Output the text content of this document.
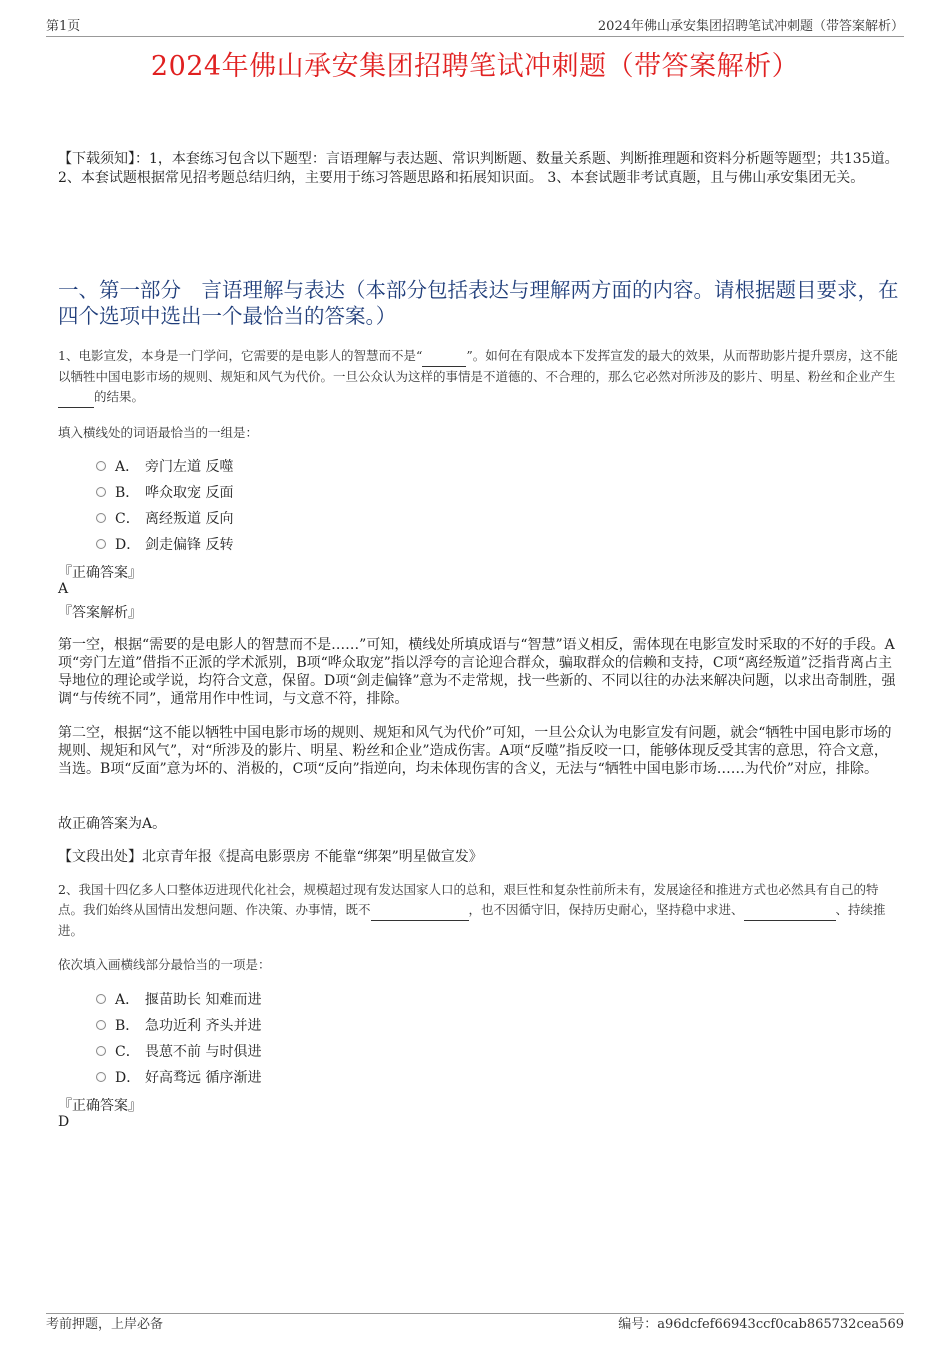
第1页	2024年佛山承安集团招聘笔试冲刺题（带答案解析）
2024年佛山承安集团招聘笔试冲刺题（带答案解析）
【下载须知】：1，本套练习包含以下题型：言语理解与表达题、常识判断题、数量关系题、判断推理题和资料分析题等题型；共135道。 2、本套试题根据常见招考题总结归纳，主要用于练习答题思路和拓展知识面。 3、本套试题非考试真题，且与佛山承安集团无关。
一、第一部分　言语理解与表达（本部分包括表达与理解两方面的内容。请根据题目要求，在四个选项中选出一个最恰当的答案。）
1、电影宣发，本身是一门学问，它需要的是电影人的智慧而不是“	”。如何在有限成本下发挥宣发的最大的效果，从而帮助影片提升票房，这不能以牺牲中国电影市场的规则、规矩和风气为代价。一旦公众认为这样的事情是不道德的、不合理的，那么它必然对所涉及的影片、明星、粉丝和企业产生 的结果。
填入横线处的词语最恰当的一组是：
A． 旁门左道 反噬
B． 哗众取宠 反面
C． 离经叛道 反向
D． 剑走偏锋 反转
『正确答案』
A
『答案解析』
第一空，根据“需要的是电影人的智慧而不是……”可知，横线处所填成语与“智慧”语义相反，需体现在电影宣发时采取的不好的手段。A项“旁门左道”借指不正派的学术派别，B项“哗众取宠”指以浮夸的言论迎合群众，骗取群众的信赖和支持，C项“离经叛道”泛指背离占主导地位的理论或学说，均符合文意，保留。D项“剑走偏锋”意为不走常规，找一些新的、不同以往的办法来解决问题，以求出奇制胜，强调“与传统不同”，通常用作中性词，与文意不符，排除。
第二空，根据“这不能以牺牲中国电影市场的规则、规矩和风气为代价”可知，一旦公众认为电影宣发有问题，就会“牺牲中国电影市场的规则、规矩和风气”，对“所涉及的影片、明星、粉丝和企业”造成伤害。A项“反噬”指反咬一口，能够体现反受其害的意思，符合文意，当选。B项“反面”意为坏的、消极的，C项“反向”指逆向，均未体现伤害的含义，无法与“牺牲中国电影市场……为代价”对应，排除。
故正确答案为A。
【文段出处】北京青年报《提高电影票房 不能靠“绑架”明星做宣发》
2、我国十四亿多人口整体迈进现代化社会，规模超过现有发达国家人口的总和，艰巨性和复杂性前所未有，发展途径和推进方式也必然具有自己的特点。我们始终从国情出发想问题、作决策、办事情，既不	，也不因循守旧，保持历史耐心，坚持稳中求进、	、持续推进。
依次填入画横线部分最恰当的一项是：
A． 揠苗助长 知难而进
B． 急功近利 齐头并进
C． 畏葸不前 与时俱进
D． 好高骛远 循序渐进
『正确答案』
D
考前押题，上岸必备	编号：a96dcfef66943ccf0cab865732cea569
